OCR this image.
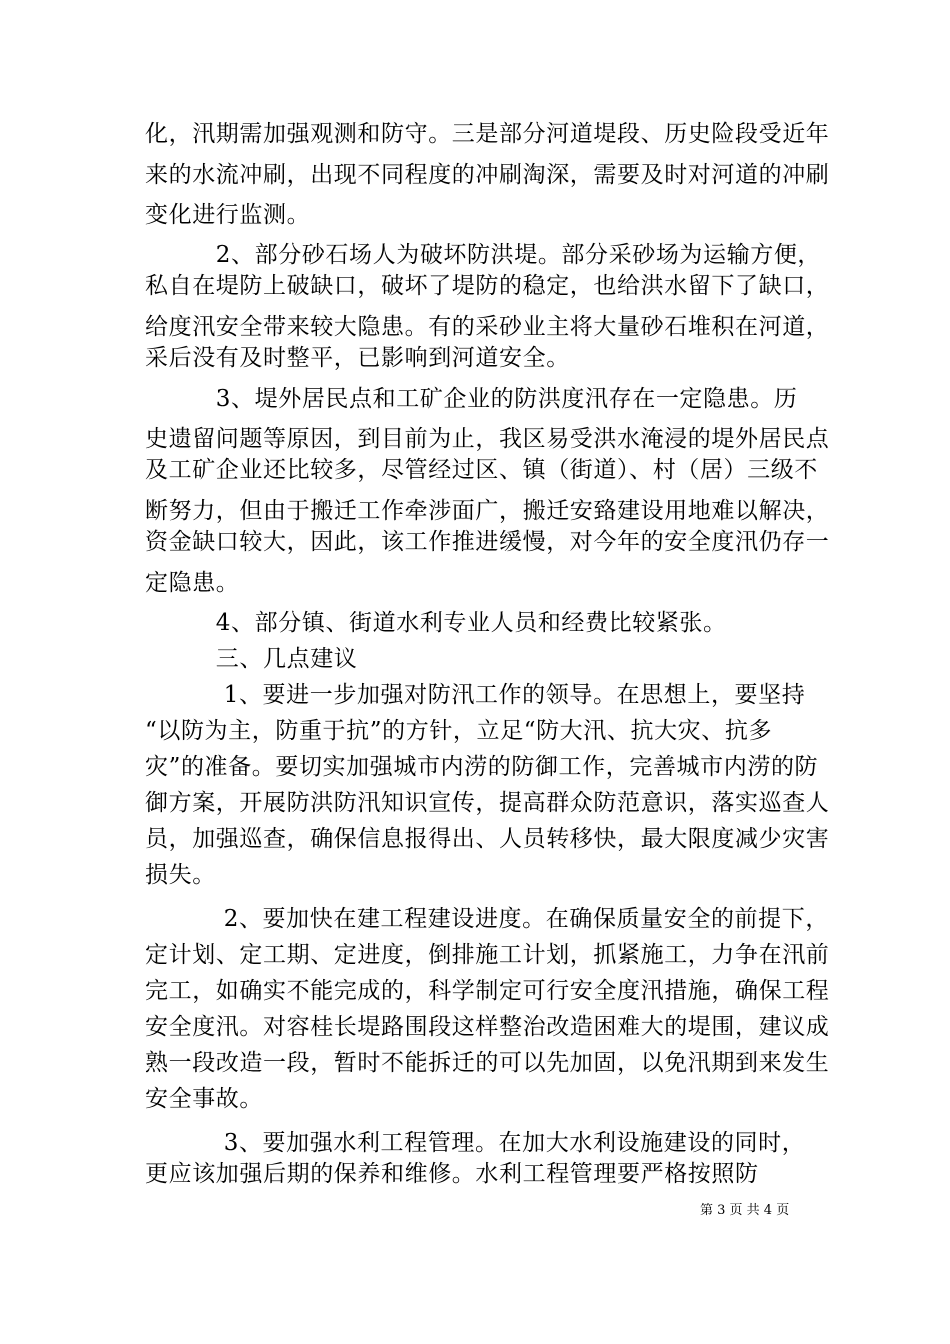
化，汛期需加强观测和防守。三是部分河道堤段、历史险段受近年
来的水流冲刷，出现不同程度的冲刷淘深，需要及时对河道的冲刷
变化进行监测。
　　　2、部分砂石场人为破坏防洪堤。部分采砂场为运输方便，
私自在堤防上破缺口，破坏了堤防的稳定，也给洪水留下了缺口，
给度汛安全带来较大隐患。有的采砂业主将大量砂石堆积在河道，
采后没有及时整平，已影响到河道安全。
　　　3、堤外居民点和工矿企业的防洪度汛存在一定隐患。历
史遗留问题等原因，到目前为止，我区易受洪水淹浸的堤外居民点
及工矿企业还比较多，尽管经过区、镇（街道）、村（居）三级不
断努力，但由于搬迁工作牵涉面广，搬迁安臵建设用地难以解决，
资金缺口较大，因此，该工作推进缓慢，对今年的安全度汛仍存一
定隐患。
　　　4、部分镇、街道水利专业人员和经费比较紧张。
　　　三、几点建议
　　　 1、要进一步加强对防汛工作的领导。在思想上，要坚持
“以防为主，防重于抗”的方针，立足“防大汛、抗大灾、抗多
灾”的准备。要切实加强城市内涝的防御工作，完善城市内涝的防
御方案，开展防洪防汛知识宣传，提高群众防范意识，落实巡查人
员，加强巡查，确保信息报得出、人员转移快，最大限度减少灾害
损失。
　　　 2、要加快在建工程建设进度。在确保质量安全的前提下，
定计划、定工期、定进度，倒排施工计划，抓紧施工，力争在汛前
完工，如确实不能完成的，科学制定可行安全度汛措施，确保工程
安全度汛。对容桂长堤路围段这样整治改造困难大的堤围，建议成
熟一段改造一段，暂时不能拆迁的可以先加固，以免汛期到来发生
安全事故。
　　　 3、要加强水利工程管理。在加大水利设施建设的同时，
更应该加强后期的保养和维修。水利工程管理要严格按照防
第 3 页 共 4 页
